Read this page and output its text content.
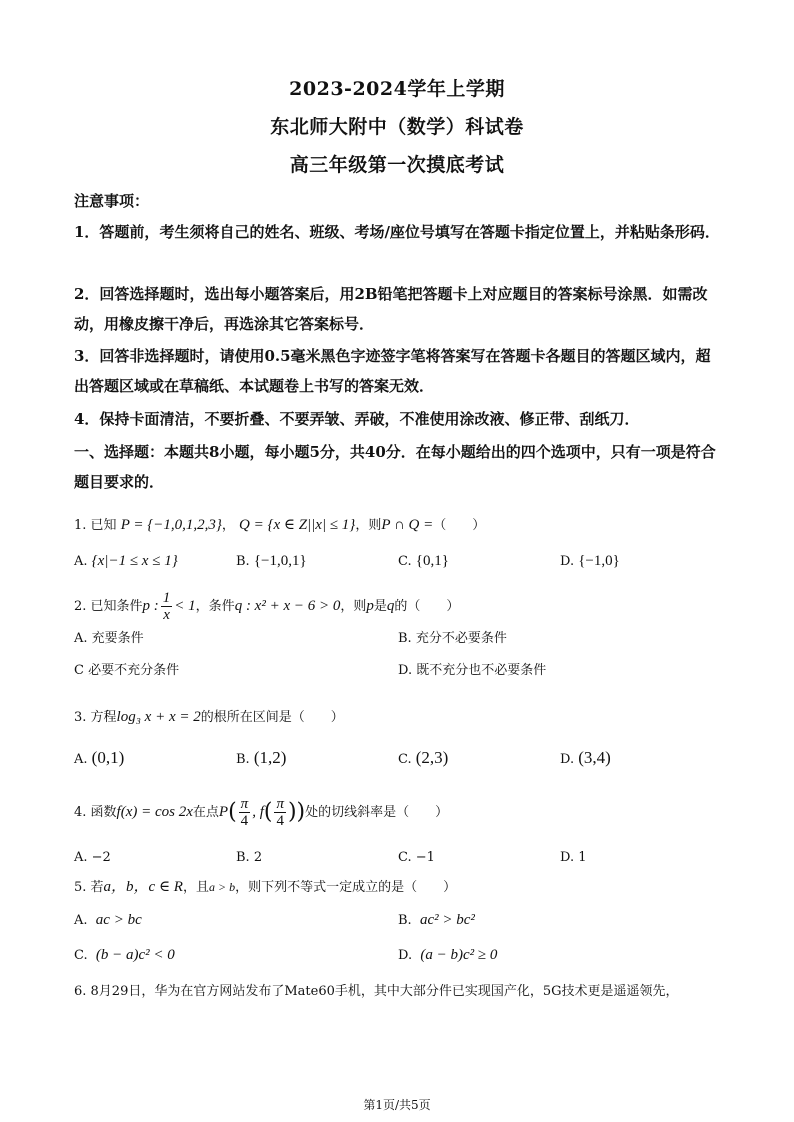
2023-2024学年上学期
东北师大附中（数学）科试卷
高三年级第一次摸底考试
注意事项：
1．答题前，考生须将自己的姓名、班级、考场/座位号填写在答题卡指定位置上，并粘贴条形码．
2．回答选择题时，选出每小题答案后，用2B铅笔把答题卡上对应题目的答案标号涂黑．如需改动，用橡皮擦干净后，再选涂其它答案标号．
3．回答非选择题时，请使用0.5毫米黑色字迹签字笔将答案写在答题卡各题目的答题区域内，超出答题区域或在草稿纸、本试题卷上书写的答案无效．
4．保持卡面清洁，不要折叠、不要弄皱、弄破，不准使用涂改液、修正带、刮纸刀．
一、选择题：本题共8小题，每小题5分，共40分．在每小题给出的四个选项中，只有一项是符合题目要求的．
1. 已知 P = {−1,0,1,2,3}， Q = {x ∈ Z||x| ≤ 1}，则P ∩ Q =（　　）
A. {x|−1 ≤ x ≤ 1}	B. {−1,0,1}	C. {0,1}	D. {−1,0}
2. 已知条件p : $\frac{1}{x} < 1$，条件q : x² + x − 6 > 0，则p是q的（　　）
A. 充要条件	B. 充分不必要条件
C 必要不充分条件	D. 既不充分也不必要条件
3. 方程log₃ x + x = 2的根所在区间是（　　）
A. (0,1)	B. (1,2)	C. (2,3)	D. (3,4)
4. 函数f(x) = cos 2x在点$P( \frac{\pi}{4}$ , $f( \frac{\pi}{4}$ ))处的切线斜率是（　　）
A. −2	B. 2	C. −1	D. 1
5. 若a，b，c ∈ R，且a > b，则下列不等式一定成立的是（　　）
A. ac > bc	B. ac² > bc²
C. (b − a)c² < 0	D. (a − b)c² ≥ 0
6. 8月29日，华为在官方网站发布了Mate60手机，其中大部分件已实现国产化，5G技术更是遥遥领先，
第1页/共5页
